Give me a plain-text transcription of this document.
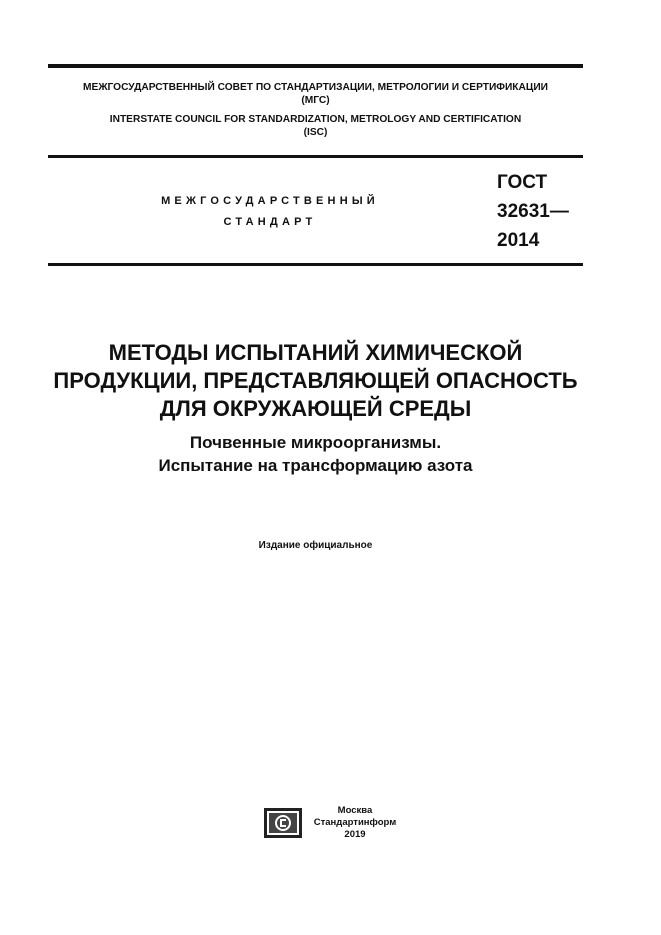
МЕЖГОСУДАРСТВЕННЫЙ СОВЕТ ПО СТАНДАРТИЗАЦИИ, МЕТРОЛОГИИ И СЕРТИФИКАЦИИ
(МГС)
INTERSTATE COUNCIL FOR STANDARDIZATION, METROLOGY AND CERTIFICATION
(ISC)
МЕЖГОСУДАРСТВЕННЫЙ
СТАНДАРТ
ГОСТ
32631—
2014
МЕТОДЫ ИСПЫТАНИЙ ХИМИЧЕСКОЙ
ПРОДУКЦИИ, ПРЕДСТАВЛЯЮЩЕЙ ОПАСНОСТЬ
ДЛЯ ОКРУЖАЮЩЕЙ СРЕДЫ
Почвенные микроорганизмы.
Испытание на трансформацию азота
Издание официальное
Москва
Стандартинформ
2019
